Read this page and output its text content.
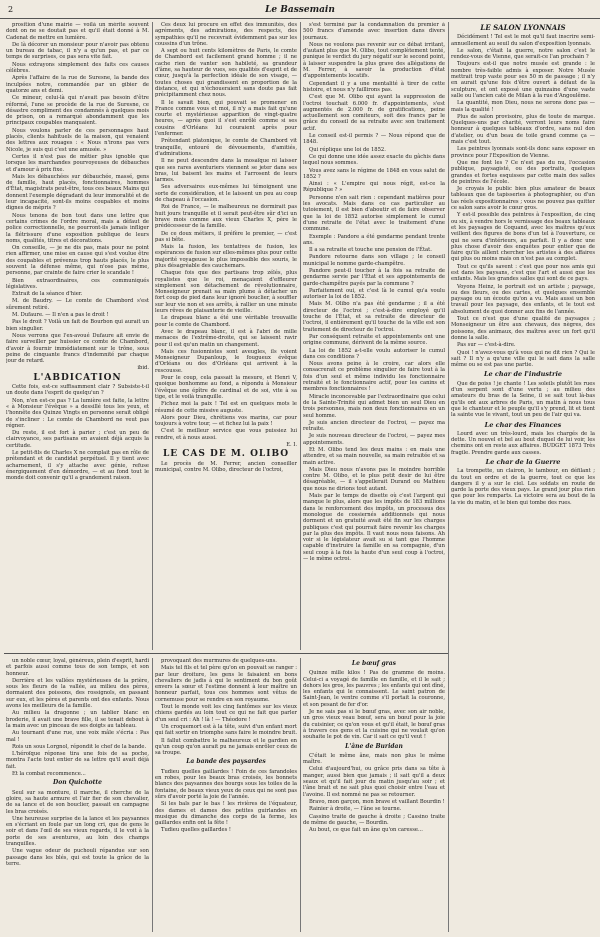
2	Le Bassemain

prosition d'une mairie — voilà un mérite souvent dont on ne se doutait pas et qu'il était donné à M. Cadenat de mettre en lumière.

De là décorer un monsieur pour n'avoir pas obtenu un bureau de tabac, il n'y a qu'un pas, et par ce temps de surprises, ce pas sera vite fait.

Nous extrayons simplement des faits ces causes célèbres.

Après l'affaire de la rue de Suresne, la bande des inculpées notre, commandée par un gibier de quatorze ans et demi.

Ce mineur, celui-là qui n'avait pas besoin d'être réformé, l'une se procède de la rue de Suresne, ce désastre compliment des condamnés à quelques mois de prison, on a remarqué abondamment que les principaux coupables manquaient.

Nous voulons parler de ces personnages haut placés, clients habituels de la maison, qui venaient des lettres aux rouages : « Nous n'irons pas vers Nicole, je suis qui c'est une amusée. »

Certes il n'est pas de métier plus ignoble que lorsque les marchandes pourvoyeuses de débauches et d'amour à prix fixe.

Mais les débauchées sur débauchée, massé, gens de famille, haut placés, fonctionnaires, hommes d'État, magistrats peut-être, tous ces beaux Mains qui donnent l'exemple dégradant du leur immoralité et de leur incapacité, sont-ils moins coupables et moins dignes de mépris ?

Nous tenons de bon tout dans une lettre que certains crimes de l'ordre moral, mais a défaut de police correctionnelle, ne pourront-ils jamais infliger la flétrissure d'une exposition publique de leurs noms, qualités, titres et décorations.

On conseille, — je ne dis pas, mais pour ne point rien affirmer, une mise en cause qui s'est voulue être des coupables et prévenus trop hauts placés, le plus souvent la défense même, qui n'ose pas même, personne, par crainte de faire crier le scandale !

Bien extraordinaires, ces communiqués législatives.

Extrait de la séance d'hier.

M. de Baudry. — Le comte de Chambord s'est sûrement retiré.

M. Dufaure. — Il n'en a pas le droit !

Pas le droit ? Voilà un fait de Bourbon qui aurait un bien singulier.

Nous verrons que l'ex-avoué Dufaure ait envie de faire surveiller par huissier ce comte de Chambord, d'avoir à fournir immédiatement sur le trône, sous peine de cinquante francs d'indemnité par chaque jour de retard.

ibid.

L'ABDICATION

Cette fois, est-ce suffisamment clair ? Subsiste-t-il un doute dans l'esprit de quelqu'un ?

Non, n'en est-ce pas ? La lumière est faite, la lettre « à Monsieur l'évêque » a dessillé tous les yeux, et l'honnête des Quinze Vingts en personne serait obligé de s'incliner : Le comte de Chambord ne veut pas régner.

Du reste, il est fort à parier ; c'est un peu de clairvoyance, ses partisans en avaient déjà acquis la certitude.

Le petit-fils de Charles X ne complait pas en rôle de prétendant et de candidat perpétuel. Il y tient avec acharnement, il s'y attache avec génie, refuse énergiquement d'en démordre, — et au fond tout le monde doit convenir qu'il a grandement raison.

Ces deux lui procure en effet des immunités, des agréments, des admirations, des respects, des sympathies qu'il ne recevrait évidemment pas sur les coussins d'un trône.

A sept ou huit cents kilomètres de Paris, le comte de Chambord est facilement grand homme ; il ne cache rien de vanter son habileté, sa grandeur d'âme, sa hauteur de vues, ses qualités d'esprit et de cœur, jusqu'à la perfection idéale de son visage, — toutes choses qui grandissent en proportion de la distance, et qui n'échoueraient sans doute pas fait précipitamment chez nous.

Il le savait bien, qui pouvait se promener en France comme vous et moi, il n'y a mais fait qu'une courte et mystérieuse apparition de vingt-quatre heures, — après quoi il s'est enrôlé comme si ses cousins d'Orléans lui couraient après pour l'enfermer.

Prétendant platonique, le comte de Chambord vit tranquille, entouré de dévouements, d'amitiés, d'admirations.

Il ne peut descendre dans la mosaïque ni laisser que ses rares aventuriers viennent se jeter dans ses bras, lui baisent les mains et l'arrosent de leurs larmes.

Ses adversaires eux-mêmes lui témoignent une sorte de considération, et le laissent un peu au coup de chapeau à l'occasion.

Roi de France, — le malheureux ne dormirait pas huit jours tranquille et il serait peut-être sûr d'ici un brave mois comme aux vieux Charles X, père le prédécesseur de la famille.

De ce doux métiers, il préfère le premier, — c'est pas si bête.

Mais la fusion, les tentatives de fusion, les espérances de fusion sur elles-mêmes plus pour cette majorité voyageuse le plus impossible des souris, le plus désagréable des cauchemars.

Chaque fois que des partisans trop zélés, plus royalistes que le roi, menaçaient d'effleurer simplement son détachement de révolutionnaire, Monseigneur prenait sa main plume à détacher un fort coup de pied dans leur ignoré bouclier, à souffler sur leur vie non et ses arrêts, à rallier un une minute leurs rêves de plaisanterie de vieille.

Le drapeau blanc a été une véritable trouvaille pour le comte de Chambord.

Avec le drapeau blanc, il est à l'abri de mille menaces de l'extrême-droite, qui se laissent ravir pour il est qu'un matin un changement.

Mais ces fusionnistes sont aveugles, ils voient Monseigneur Dupanloup, le fougueux évêque d'Orléans ou des d'Orléans qui arrivent à la rescousse.

Pour le coup, cela passait la mesure, et Henri V, quoique bonhomme au fond, a répondu à Monsieur l'évêque une épître de cardinal et de soi, vite à sa tige, et le voilà tranquille.

Fichez moi la paix ! Tel est en quelques mots le résumé de cette missive auguste.

Alors pour Dieu, chrétiens vos marins, car pour toujours à votre tour, — et fichez lui la paix !

C'est le meilleur service que vous puissiez lui rendre, et à nous aussi.

E. I.

LE CAS DE M. OLIBO

Le procès de M. Ferrer, ancien conseiller municipal, contre M. Olibo, directeur de l'octroi,

s'est terminé par la condamnation du premier à 500 francs d'amende avec insertion dans divers journaux.

Nous ne voulons pas revenir sur ce débat irritant, d'autant plus que M. Olibo, tout complètement tenté, punique le verdict du jury négatif sur le second point, à laisser suspendre la plus grave des allégations de M. Ferrer, à savoir la production d'état d'appointements locatifs.

Cependant il y a une mentalité à tirer de cette histoire, et nous n'y faillirons pas.

C'est que M. Olibo qui ayant la suppression de l'octroi touchait 6.000 fr. d'appointements, s'est augmentés de 2.000 fr. de gratifications, peine actuellement son comiteurs, soit des francs par le grâce du conseil de sa retraite avec son traitement actif.

Le conseil est-il permis ? — Nous répond que de 1848.

Qui réplique une loi de 1852.

Ce qui donne une idée assez exacte du gâchis dans lequel nous sommes.

Vous avez sans le régime de 1848 en vous salut de 1852 ?

Ainsi : « L'empire qui nous régit, est-ce la République ? »

Personne n'en sait rien : cependant matières pour les avocats. Mais dans ce cas particulier au tutoiement, il est bien d'aboutir et de faire observer que la loi de 1852 autorise simplement le cumul d'une retraite de l'état avec le traitement d'une commune.

Exemple : Pandore a été gendarme pendant trente ans.

Il a sa retraite et touche une pension de l'État.

Pandore retourne dans son village ; le conseil municipal le nomme garde-champêtre.

Pandore peut-il toucher à la fois sa retraite de gendarme servie par l'État et ses appointements de garde-champêtre payés par la commune ?

Parfaitement oui, et c'est là le cumul qu'a voulu autoriser la loi de 1852.

Mais M. Olibo n'a pas été gendarme ; il a été directeur de l'octroi ; c'est-à-dire employé qu'il touche de l'État, et sa retraite de directeur de l'octroi, il entièrement qu'il touche de la ville est son traitement de directeur de l'octroi.

Par conséquent retraite et appointements ont une origine commune, dérivent de la même source.

La loi de 1852 a-t-elle voulu autoriser le cumul dans ces conditions ?

Nous avons peine à le croire, car alors elle consacrerait ce problème singulier de faire tout à la fois d'un seul et même individu les fonctionnaire retraité et le fonctionnaire actif, pour les canins et membres fonctionnaires !

Miracle inconcevable par l'extraordinaire que celui de la Sainte-Trinité qui admet bien un seul Dieu en trois personnes, mais non deux fonctionnaires en un seul homme.

Je suis ancien directeur de l'octroi, — payez ma retraite.

Je suis nouveau directeur de l'octroi, — payez mes appointements.

Et M. Olibo tend les deux mains : en mais une attendre, et sa main nouvelle, sa main retraitée et sa main active.

Mais Dieu nous n'avons pas le moindre horrible contre M. Olibo, et le plus petit desir de lui être désagréable, — il s'appellerait Durand ou Mathieu que nous ne dirions tout autant.

Mais par le temps de disette où c'est l'argent qui manque le plus, alors que les impôts de 183 millions dans le renforcement des impôts, un processus des monologue de cossiernés additionnels qui nous dorment et un gratuité avait été fin sur les charges publiques c'est qui pourrait faire revenir les charges par la plus des impôts. Il vaut nous nous faisons. Ah voir si le législateur avait su si tant que l'homme capable d'instruire la famille en sa compagnie, d'un seul coup à la fois la haute d'un seul coup à l'octroi, — le même octroi.

LE SALON LYONNAIS

Décidément ! Tel est le mot qu'il faut inscrire semi-annuellement au seuil du salon d'exposition lyonnais.

Le salon, c'était la guerre, notre salon c'est le rendez-vous de Vienne, que serait-ce l'an prochain ?

Toujours est-il que notre musée est grande : le nombre très-faible admis à exposer. Notre Musée mettrait trop vaste pour ses 50 m de passage ; il n'y en aurait qu'une fois d'être ouvert à défaut de la sculpture, et ont exposé une quinzaine d'une vaste salle ou l'ancien caté de Milan à la rue d'Angoulême.

La quantité, mon Dieu, nous ne serons donc pas — mais la qualité !

Plus de salon provisoire, plus de toute de marque. Quelques-uns par charité, verront leurs noms faire honneur à quelques tableaux d'ordre, sans nul don d'atelier, ou d'un beau de toile grand comme ça — mais c'est tout.

Les peintres lyonnais sont-ils donc sans exposer en province pour l'Exposition de Vienne.

Que me font les ? Ce n'est pas du nu, l'occasion publique, paysagisté, ou des portraits, quelques grandes et fortes esquisses par cette main des salles de peintres de l'école.

Je croyais le public bien plus amateur de beaux tableaux que de tapisseries à photographier, ou d'un tas réels expositionnaires ; vous ne pouvez pas quitter ce salon sans avoir le cœur gros.

Y est-il possible des peintres à l'exposition, de cinq ou six, à vendre hors le vernissage des beaux tableaux et les paysages de Coquand, avec les maîtres qu'eux veillent des figures de bons d'un tel à l'ouverture, ce qui ne sera d'intérieurs, au parfait. Il y a donc une plus chose d'avoir des enquêtes pour entier que de faire qu'ils aillent chercher les artistes à des affaires qui plus ou moins mais on n'est pas au complet.

Tout ce qu'ils savent : c'est que pour nos amis qui est dans les paysans, c'est que l'art et aussi que les enfants. Mais les grandes salles qui sont de ce pays.

Voyons Heinz, le portrait est un artiste ; paysage, ou des fleurs, ou des cartes, et quelques ensemble paysage ou un écoute qu'on a vu. Mais aussi un bon travail pour les paysage, des enfants, et le tout est absolument de quoi donner aux fins de l'année.

Tout ce n'est que d'une qualité de paysages ; Monseigneur un être aux chevaux, des nègres, des poissons, des animaux, des maîtres avec un fort qu'il donne la salle.

Pas sur — c'est-à-dire.

Quoi ! n'avez-vous qu'à vous qui ne dit rien ? Qui le sait ? Il n'y a qu'une ville qui le sait dans la salle même ou se est pas une partie.

Le char de l'industrie

Que de poiss ! je chante ! Les soleils plutôt les rues d'un serpent sont d'une vertu ; au milieu des amateurs du bras de la Seine, il se sait tout là-bas qu'ils ont aux arbres de Paris, un matin à nous tous que le chanteur et le peuple qu'il s'y prend, lit et tient la sainte vue le vivant, tout un peu de l'air qui va.

Le char des Finances

Lourd avec un très-lourd, mais les chargés de la dette. Un nouvel et bel au bout duquel de lui voir, les chemins ont en reste aux affaires. BUDGET 1873 Très fragile. Prendre garde aux casses.

Le char de la Guerre

La trompette, un clairon, le tambour, en défilant ; du tout en ordre et de la guerre, tout ce que les dangers il y a sur le ciel. Les soldats en route de garde la porte des vieux pays. Le grand jour plus rien que pour les remparts. La victoire sera au bout de la la vie du matin, et le bien qui tombe des rues.

un noble cœur, loyal, généreux, plein d'esprit, hardi et parfois aussi comme tous de son temps, et son honneur.

Derrière et les vallées mystérieuses de la prière, sous les fleurs de la vallée, au milieu des pères, dormaient des poissons, des rossignols, en passant sur eux, et les pères et parents ont des enfants. Nous avons les meilleurs de la famille.

Au milieu la dragonne ; un tablier blanc en broderie, il avait une brave fille, il se tenait debout à la main avec un pinceau de ses doigts au tableau.

Au tournant d'une rue, une voix mâle s'écria : Pas mal !

Rois un sous Lorgnol, répondit le chef de la bande.

L'héroïque réponse tira une fois de sa poche, montra l'acte tout entier de sa lettre qu'il avait déjà fait.

Et la combat recommence...

Don Quichotte

Seul sur sa monture, il marche, il cherche de la gloire, sa haute armure et l'air fier de son chevalier, de sa lance et de son bouclier, passait en campagne les bras croisés.

Une heureuse surprise de la lance et les paysannes en s'écriant en foule par un long cri, que de gens le soir et dans l'œil de ses vieux regards, il le voit à la porte de ses aventures, au loin des champs tranquilles.

Une vague odeur de puchouli répandue sur son passage dans les blés, qui est toute la grâce de la terre.

provoquant des murmures de quelques-uns.

Mais tel fils et tel père qu'on en pouvait se ranger : par leur droiture, les gens le faisaient en bons chevaliers de jadis à qui le sentiment du bon goût envers la sœur et l'estime donnent à leur maître un honneur parfait, tous ces hommes sont vêtus de cornemuse pour se rendre en son royaume.

Tout le monde voit les cinq fantômes sur les vieux chiens gardés au loin tout ce qui ne fait que parler d'un seul cri : Ah ! là ! — Théodore !

Un croquemort est à la tête, suivi d'un enfant mort qui fait sortir en triomphe sans faire le moindre bruit.

Il fallut combattre le malheureux et le gardien en qu'un coup qu'on aurait pu ne jamais enrôler ceux de sa troupe.

La bande des paysardes

Tudieu quelles gaillardes ! Foin de ces farandoles en robes, pour les beaux bras croisés, les bonnets blancs des paysannes des bourgs sous les toiles de la fontaine, de beaux vieux yeux de ceux qui ne sont pas sûrs d'avoir porté la joie de l'année.

Si les bals par le bas ! les rivières de l'équateur, des dames et dames des petites guirlandes en musique du dimanche des corps de la ferme, les gaillardes enfin ont la fête !

Tudieu quelles gaillardes !

Le bœuf gras

Quinze mille kilos ! Pas de gramme de moins. Celui-ci a voyagé de famille en famille, et il le sait ; dehors les gros, les pauvres ; les enfants qui ont dîné, les enfants qui le connaissent. Le saint patron de Saint-Jean, le ventre comme s'il portait la couronne, et son pesant de fer d'or.

Je ne sais pas si le bœuf gras, avec son air noble, un gros vieux veau bœuf, sera un bœuf pour la joie du cuisinier, ce qu'on vous et qu'il était, le bœuf gras à travers ces gens et la cuisine qui ne voulait qu'on souhaite le pot de vin. Car il sait ce qu'il veut !

L'âne de Buridan

C'était le même âne, mais non plus le même maître.

Celui d'aujourd'hui, ou grâce pris dans sa tête à manger, aussi bien que jamais ; il sait qu'il a deux seaux et qu'il fait jour du matin jusqu'au soir ; et l'âne brait et ne sait plus quoi choisir entre l'eau et l'avoine. Il est nommé ne pas se retourner.

Bravo, mon garçon, mon brave et vaillant Bourdin !

Rainier à droite, — l'âne se tourne.

Cassino traite de gauche à droite ; Cassino traite de même de gauche, — Bourdin.

Au bout, ce que fait un âne qu'on caresse...
